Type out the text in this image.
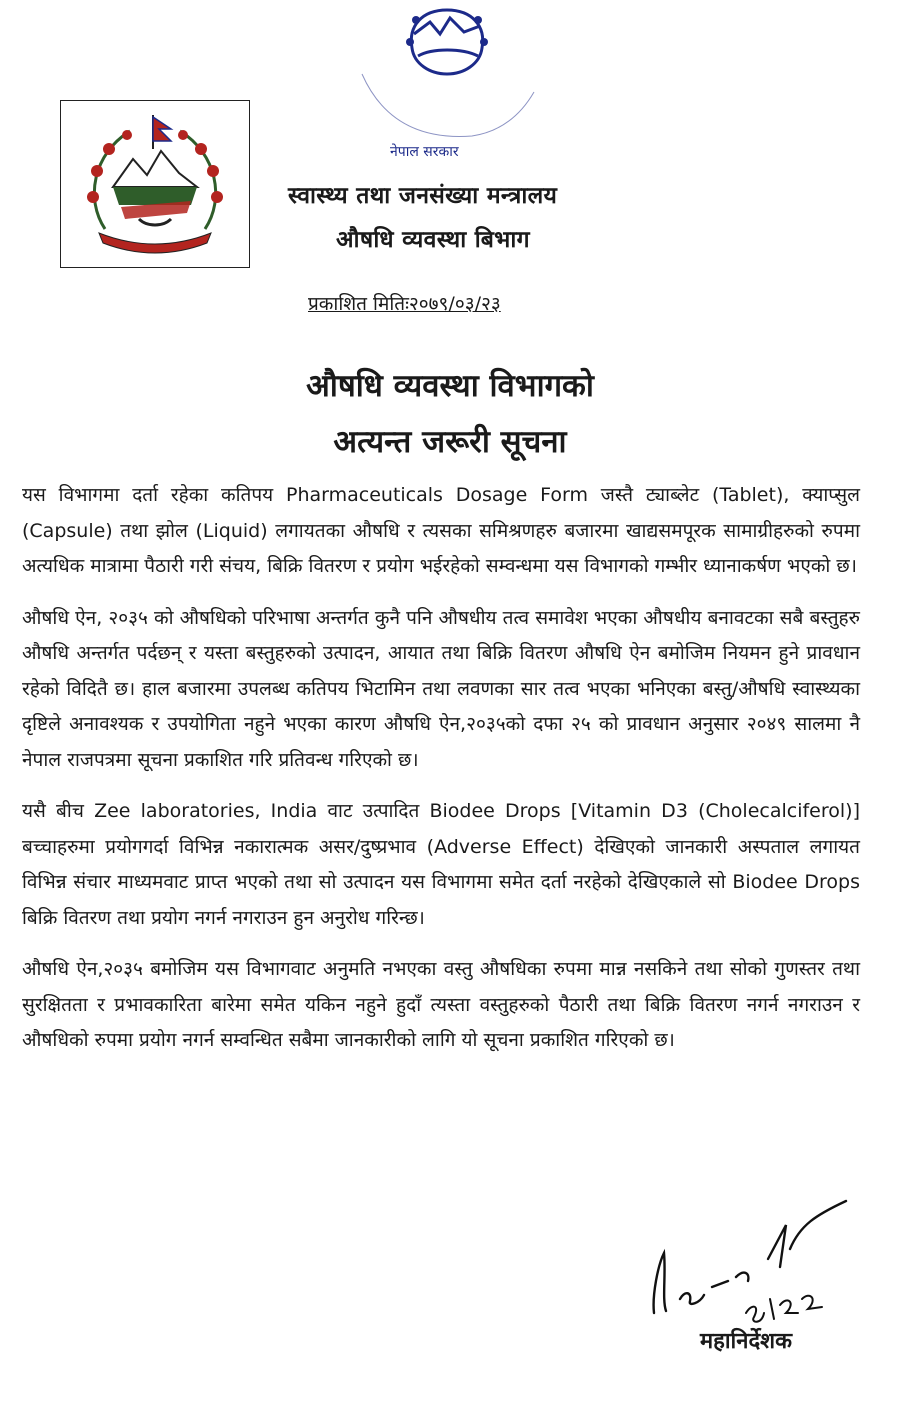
नेपाल सरकार
स्वास्थ्य तथा जनसंख्या मन्त्रालय
औषधि व्यवस्था बिभाग
प्रकाशित मितिः२०७९/०३/२३
औषधि व्यवस्था विभागको
अत्यन्त जरूरी सूचना

यस विभागमा दर्ता रहेका कतिपय Pharmaceuticals Dosage Form जस्तै ट्याब्लेट (Tablet), क्याप्सुल (Capsule) तथा झोल (Liquid) लगायतका औषधि र त्यसका समिश्रणहरु बजारमा खाद्यसमपूरक सामाग्रीहरुको रुपमा अत्यधिक मात्रामा पैठारी गरी संचय, बिक्रि वितरण र प्रयोग भईरहेको सम्वन्धमा यस विभागको गम्भीर ध्यानाकर्षण भएको छ।

औषधि ऐन, २०३५ को औषधिको परिभाषा अन्तर्गत कुनै पनि औषधीय तत्व समावेश भएका औषधीय बनावटका सबै बस्तुहरु औषधि अन्तर्गत पर्दछन् र यस्ता बस्तुहरुको उत्पादन, आयात तथा बिक्रि वितरण औषधि ऐन बमोजिम नियमन हुने प्रावधान रहेको विदितै छ। हाल बजारमा उपलब्ध कतिपय भिटामिन तथा लवणका सार तत्व भएका भनिएका बस्तु/औषधि स्वास्थ्यका दृष्टिले अनावश्यक र उपयोगिता नहुने भएका कारण औषधि ऐन,२०३५को दफा २५ को प्रावधान अनुसार २०४९ सालमा नै नेपाल राजपत्रमा सूचना प्रकाशित गरि प्रतिवन्ध गरिएको छ।

यसै बीच Zee laboratories, India वाट उत्पादित Biodee Drops [Vitamin D3 (Cholecalciferol)] बच्चाहरुमा प्रयोगगर्दा विभिन्न नकारात्मक असर/दुष्प्रभाव (Adverse Effect) देखिएको जानकारी अस्पताल लगायत विभिन्न संचार माध्यमवाट प्राप्त भएको तथा सो उत्पादन यस विभागमा समेत दर्ता नरहेको देखिएकाले सो Biodee Drops बिक्रि वितरण तथा प्रयोग नगर्न नगराउन हुन अनुरोध गरिन्छ।

औषधि ऐन,२०३५ बमोजिम यस विभागवाट अनुमति नभएका वस्तु औषधिका रुपमा मान्न नसकिने तथा सोको गुणस्तर तथा सुरक्षितता र प्रभावकारिता बारेमा समेत यकिन नहुने हुदाँ त्यस्ता वस्तुहरुको पैठारी तथा बिक्रि वितरण नगर्न नगराउन र औषधिको रुपमा प्रयोग नगर्न सम्वन्धित सबैमा जानकारीको लागि यो सूचना प्रकाशित गरिएको छ।

महानिर्देशक
